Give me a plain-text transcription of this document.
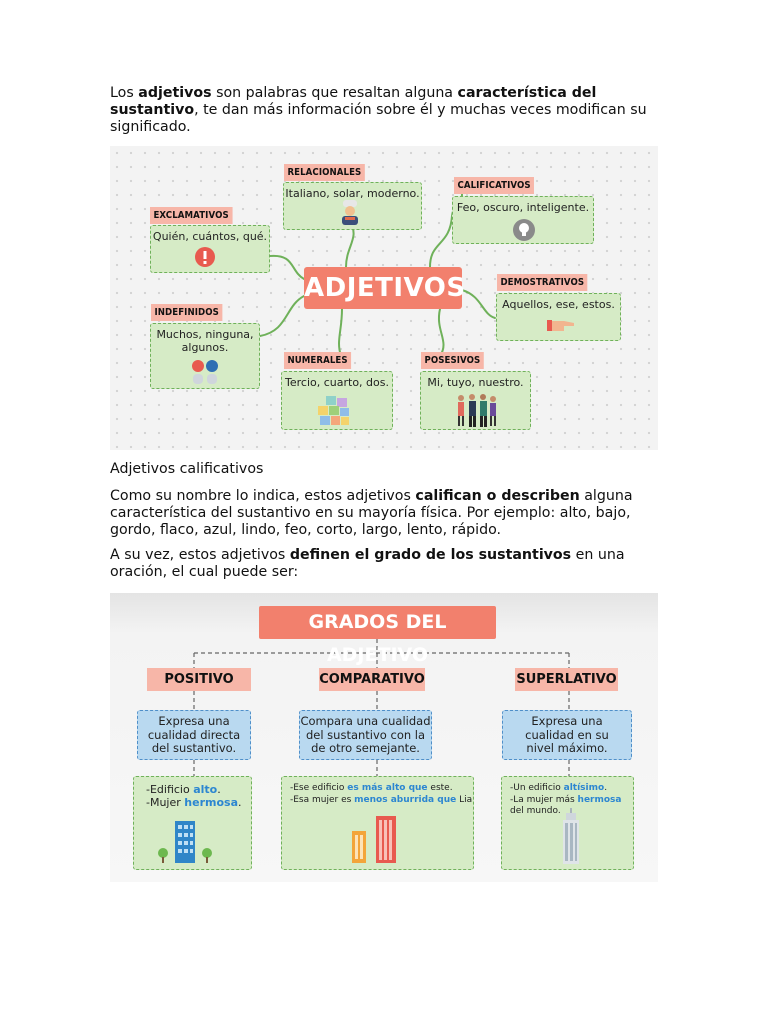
Los adjetivos son palabras que resaltan alguna característica del sustantivo, te dan más información sobre él y muchas veces modifican su significado.

ADJETIVOS
RELACIONALES
Italiano, solar, moderno.
CALIFICATIVOS
Feo, oscuro, inteligente.
EXCLAMATIVOS
Quién, cuántos, qué.
DEMOSTRATIVOS
Aquellos, ese, estos.
INDEFINIDOS
Muchos, ninguna,
algunos.
NUMERALES
Tercio, cuarto, dos.
POSESIVOS
Mi, tuyo, nuestro.

Adjetivos calificativos

Como su nombre lo indica, estos adjetivos califican o describen alguna característica del sustantivo en su mayoría física. Por ejemplo: alto, bajo, gordo, flaco, azul, lindo, feo, corto, largo, lento, rápido.

A su vez, estos adjetivos definen el grado de los sustantivos en una oración, el cual puede ser:

GRADOS DEL ADJETIVO
POSITIVO
Expresa una
cualidad directa
del sustantivo.
-Edificio alto.
-Mujer hermosa.
COMPARATIVO
Compara una cualidad
del sustantivo con la
de otro semejante.
-Ese edificio es más alto que este.
-Esa mujer es menos aburrida que Lia
SUPERLATIVO
Expresa una
cualidad en su
nivel máximo.
-Un edificio altísimo.
-La mujer más hermosa
del mundo.
